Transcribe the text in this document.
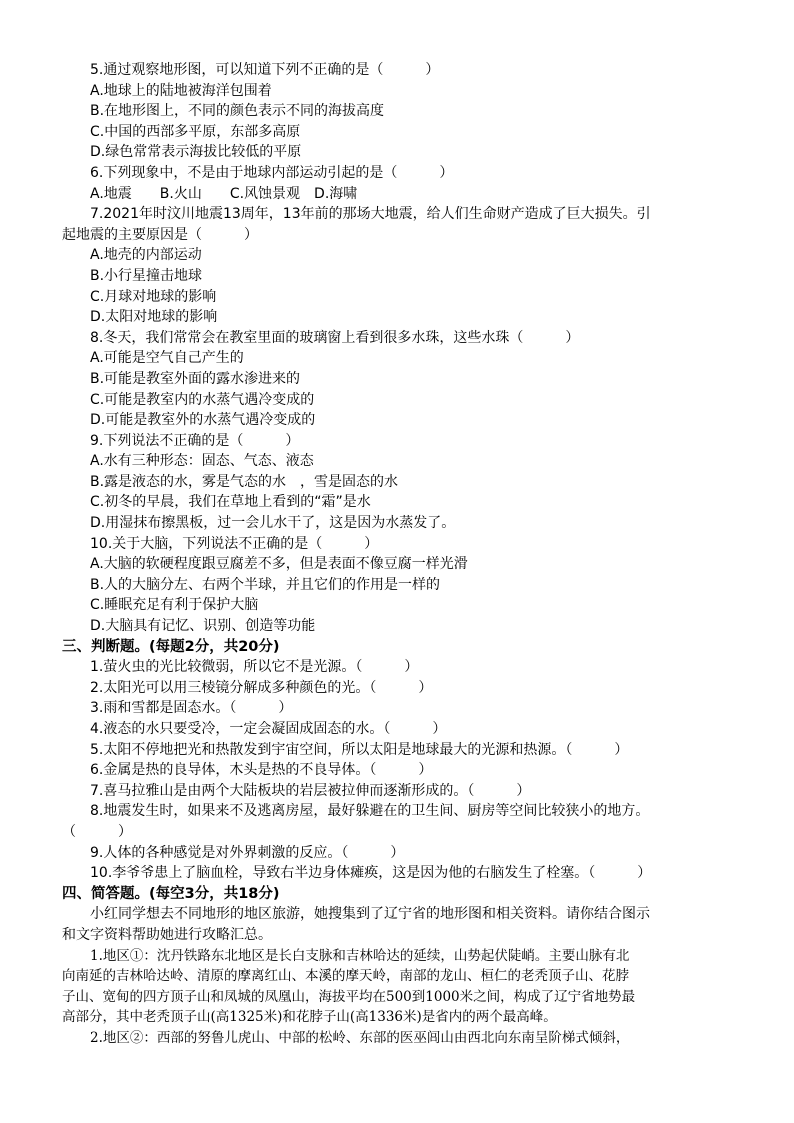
5.通过观察地形图，可以知道下列不正确的是（　　　）
A.地球上的陆地被海洋包围着
B.在地形图上，不同的颜色表示不同的海拔高度
C.中国的西部多平原，东部多高原
D.绿色常常表示海拔比较低的平原
6.下列现象中，不是由于地球内部运动引起的是（　　　）
A.地震　　B.火山　　C.风蚀景观　D.海啸
7.2021年时汶川地震13周年，13年前的那场大地震，给人们生命财产造成了巨大损失。引
起地震的主要原因是（　　　）
A.地壳的内部运动
B.小行星撞击地球
C.月球对地球的影响
D.太阳对地球的影响
8.冬天，我们常常会在教室里面的玻璃窗上看到很多水珠，这些水珠（　　　）
A.可能是空气自己产生的
B.可能是教室外面的露水渗进来的
C.可能是教室内的水蒸气遇冷变成的
D.可能是教室外的水蒸气遇冷变成的
9.下列说法不正确的是（　　　）
A.水有三种形态：固态、气态、液态
B.露是液态的水，雾是气态的水　，雪是固态的水
C.初冬的早晨，我们在草地上看到的“霜”是水
D.用湿抹布擦黑板，过一会儿水干了，这是因为水蒸发了。
10.关于大脑，下列说法不正确的是（　　　）
A.大脑的软硬程度跟豆腐差不多，但是表面不像豆腐一样光滑
B.人的大脑分左、右两个半球，并且它们的作用是一样的
C.睡眠充足有利于保护大脑
D.大脑具有记忆、识别、创造等功能
三、判断题。(每题2分，共20分)
1.萤火虫的光比较微弱，所以它不是光源。（　　　）
2.太阳光可以用三棱镜分解成多种颜色的光。（　　　）
3.雨和雪都是固态水。（　　　）
4.液态的水只要受冷，一定会凝固成固态的水。（　　　）
5.太阳不停地把光和热散发到宇宙空间，所以太阳是地球最大的光源和热源。（　　　）
6.金属是热的良导体，木头是热的不良导体。（　　　）
7.喜马拉雅山是由两个大陆板块的岩层被拉伸而逐渐形成的。（　　　）
8.地震发生时，如果来不及逃离房屋，最好躲避在的卫生间、厨房等空间比较狭小的地方。
（　　　）
9.人体的各种感觉是对外界刺激的反应。（　　　）
10.李爷爷患上了脑血栓，导致右半边身体瘫痪，这是因为他的右脑发生了栓塞。（　　　）
四、简答题。(每空3分，共18分)
小红同学想去不同地形的地区旅游，她搜集到了辽宁省的地形图和相关资料。请你结合图示
和文字资料帮助她进行攻略汇总。
1.地区①：沈丹铁路东北地区是长白支脉和吉林哈达的延续，山势起伏陡峭。主要山脉有北
向南延的吉林哈达岭、清原的摩离红山、本溪的摩天岭，南部的龙山、桓仁的老秃顶子山、花脖
子山、宽甸的四方顶子山和凤城的凤凰山，海拔平均在500到1000米之间，构成了辽宁省地势最
高部分，其中老秃顶子山(高1325米)和花脖子山(高1336米)是省内的两个最高峰。
2.地区②：西部的努鲁儿虎山、中部的松岭、东部的医巫闾山由西北向东南呈阶梯式倾斜，
